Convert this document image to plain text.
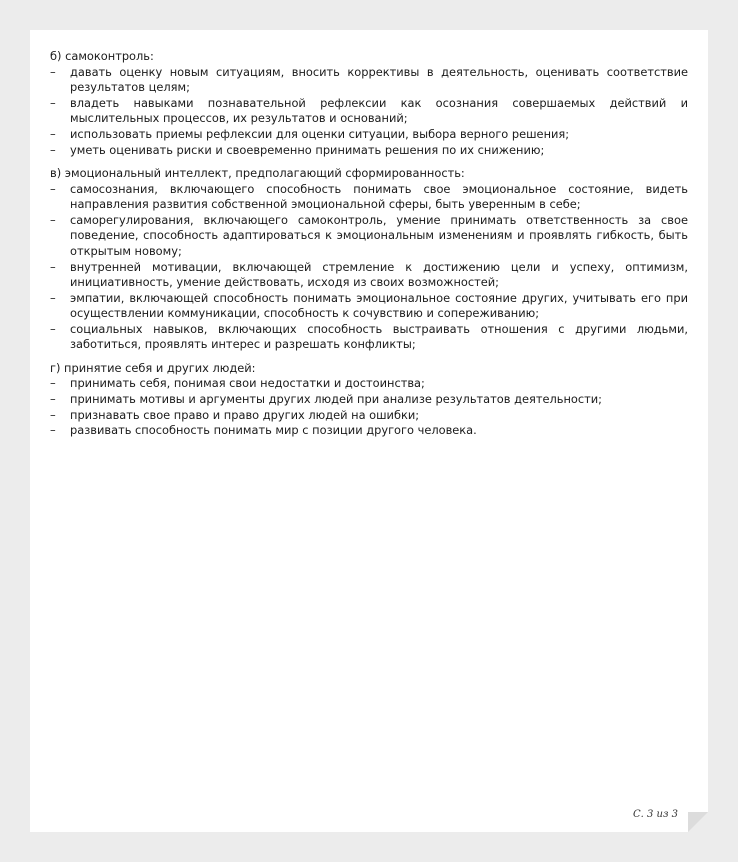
б) самоконтроль:

– давать оценку новым ситуациям, вносить коррективы в деятельность, оценивать соответствие результатов целям;
– владеть навыками познавательной рефлексии как осознания совершаемых действий и мыслительных процессов, их результатов и оснований;
– использовать приемы рефлексии для оценки ситуации, выбора верного решения;
– уметь оценивать риски и своевременно принимать решения по их снижению;

в) эмоциональный интеллект, предполагающий сформированность:

– самосознания, включающего способность понимать свое эмоциональное состояние, видеть направления развития собственной эмоциональной сферы, быть уверенным в себе;
– саморегулирования, включающего самоконтроль, умение принимать ответственность за свое поведение, способность адаптироваться к эмоциональным изменениям и проявлять гибкость, быть открытым новому;
– внутренней мотивации, включающей стремление к достижению цели и успеху, оптимизм, инициативность, умение действовать, исходя из своих возможностей;
– эмпатии, включающей способность понимать эмоциональное состояние других, учитывать его при осуществлении коммуникации, способность к сочувствию и сопереживанию;
– социальных навыков, включающих способность выстраивать отношения с другими людьми, заботиться, проявлять интерес и разрешать конфликты;

г) принятие себя и других людей:

– принимать себя, понимая свои недостатки и достоинства;
– принимать мотивы и аргументы других людей при анализе результатов деятельности;
– признавать свое право и право других людей на ошибки;
– развивать способность понимать мир с позиции другого человека.
С. 3 из 3
